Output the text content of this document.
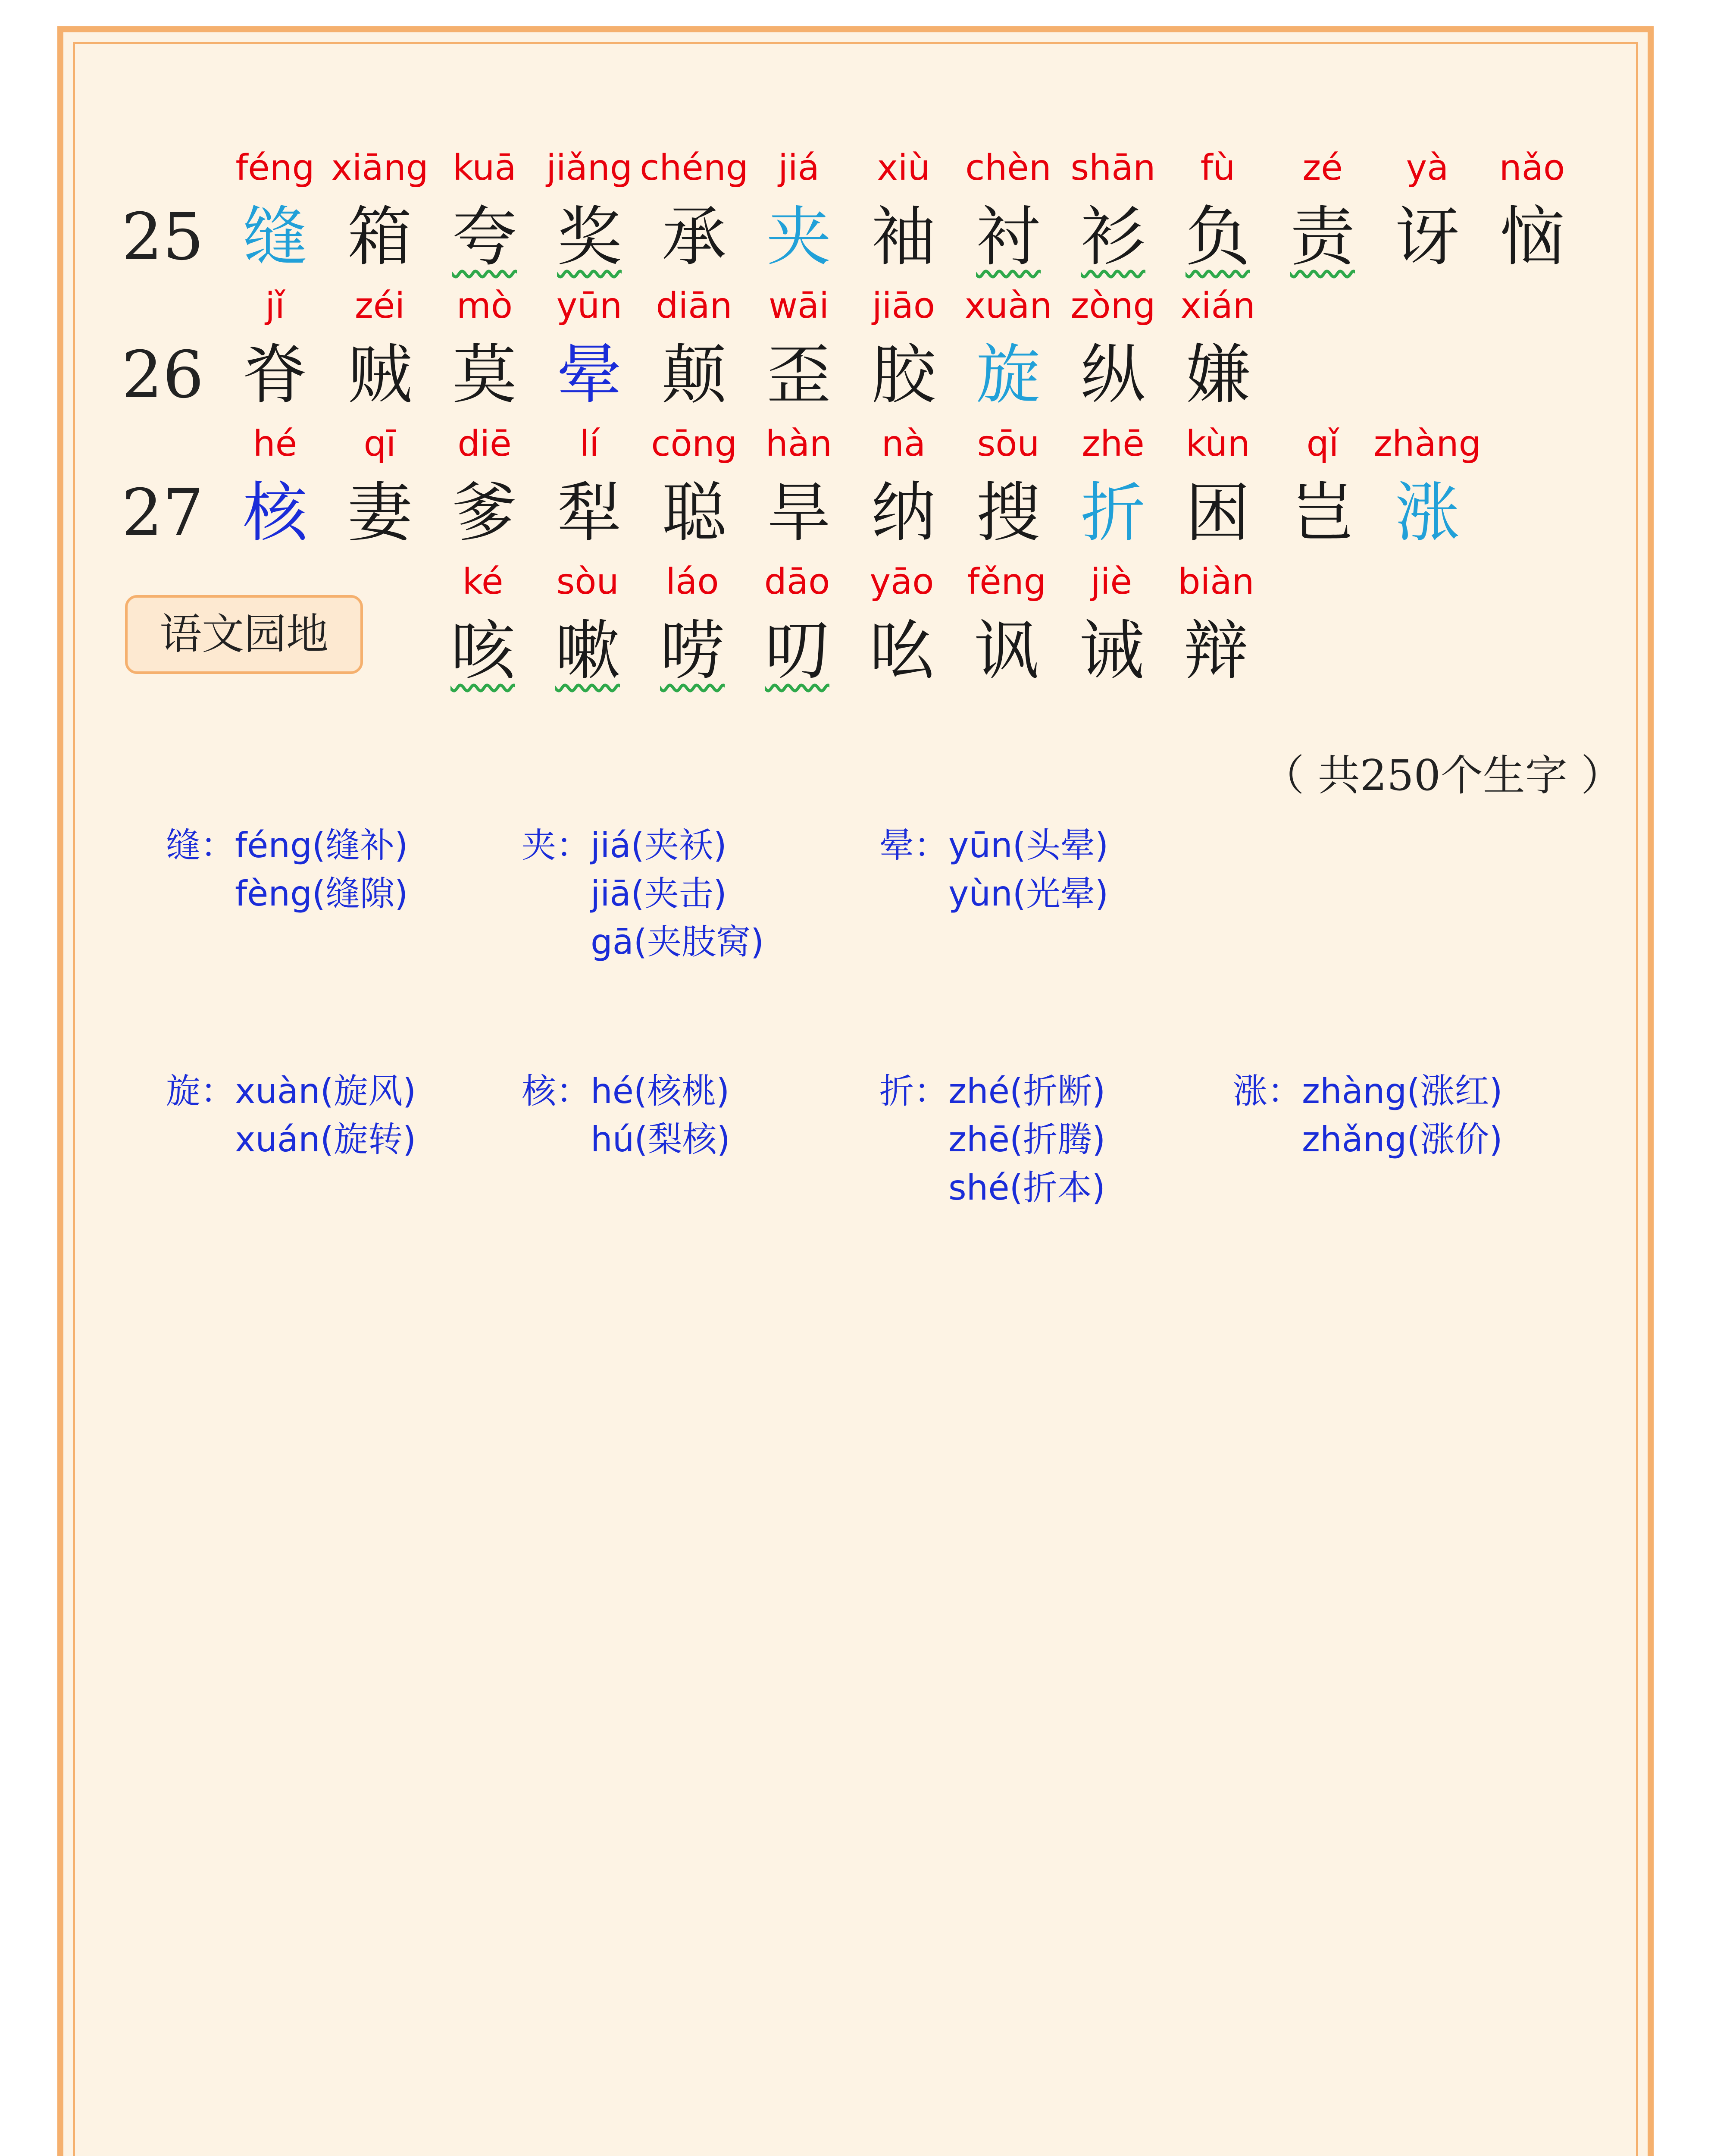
语文园地
（ 共250个生字 ）
25
féng
缝
xiāng
箱
kuā
夸
jiǎng
奖
chéng
承
jiá
夹
xiù
袖
chèn
衬
shān
衫
fù
负
zé
责
yà
讶
nǎo
恼
26
jǐ
脊
zéi
贼
mò
莫
yūn
晕
diān
颠
wāi
歪
jiāo
胶
xuàn
旋
zòng
纵
xián
嫌
27
hé
核
qī
妻
diē
爹
lí
犁
cōng
聪
hàn
旱
nà
纳
sōu
搜
zhē
折
kùn
困
qǐ
岂
zhàng
涨
ké
咳
sòu
嗽
láo
唠
dāo
叨
yāo
吆
fěng
讽
jiè
诫
biàn
辩
缝： féng(缝补)
fèng(缝隙)
夹： jiá(夹袄)
jiā(夹击)
gā(夹肢窝)
晕： yūn(头晕)
yùn(光晕)
旋： xuàn(旋风)
xuán(旋转)
核： hé(核桃)
hú(梨核)
折： zhé(折断)
zhē(折腾)
shé(折本)
涨： zhàng(涨红)
zhǎng(涨价)
